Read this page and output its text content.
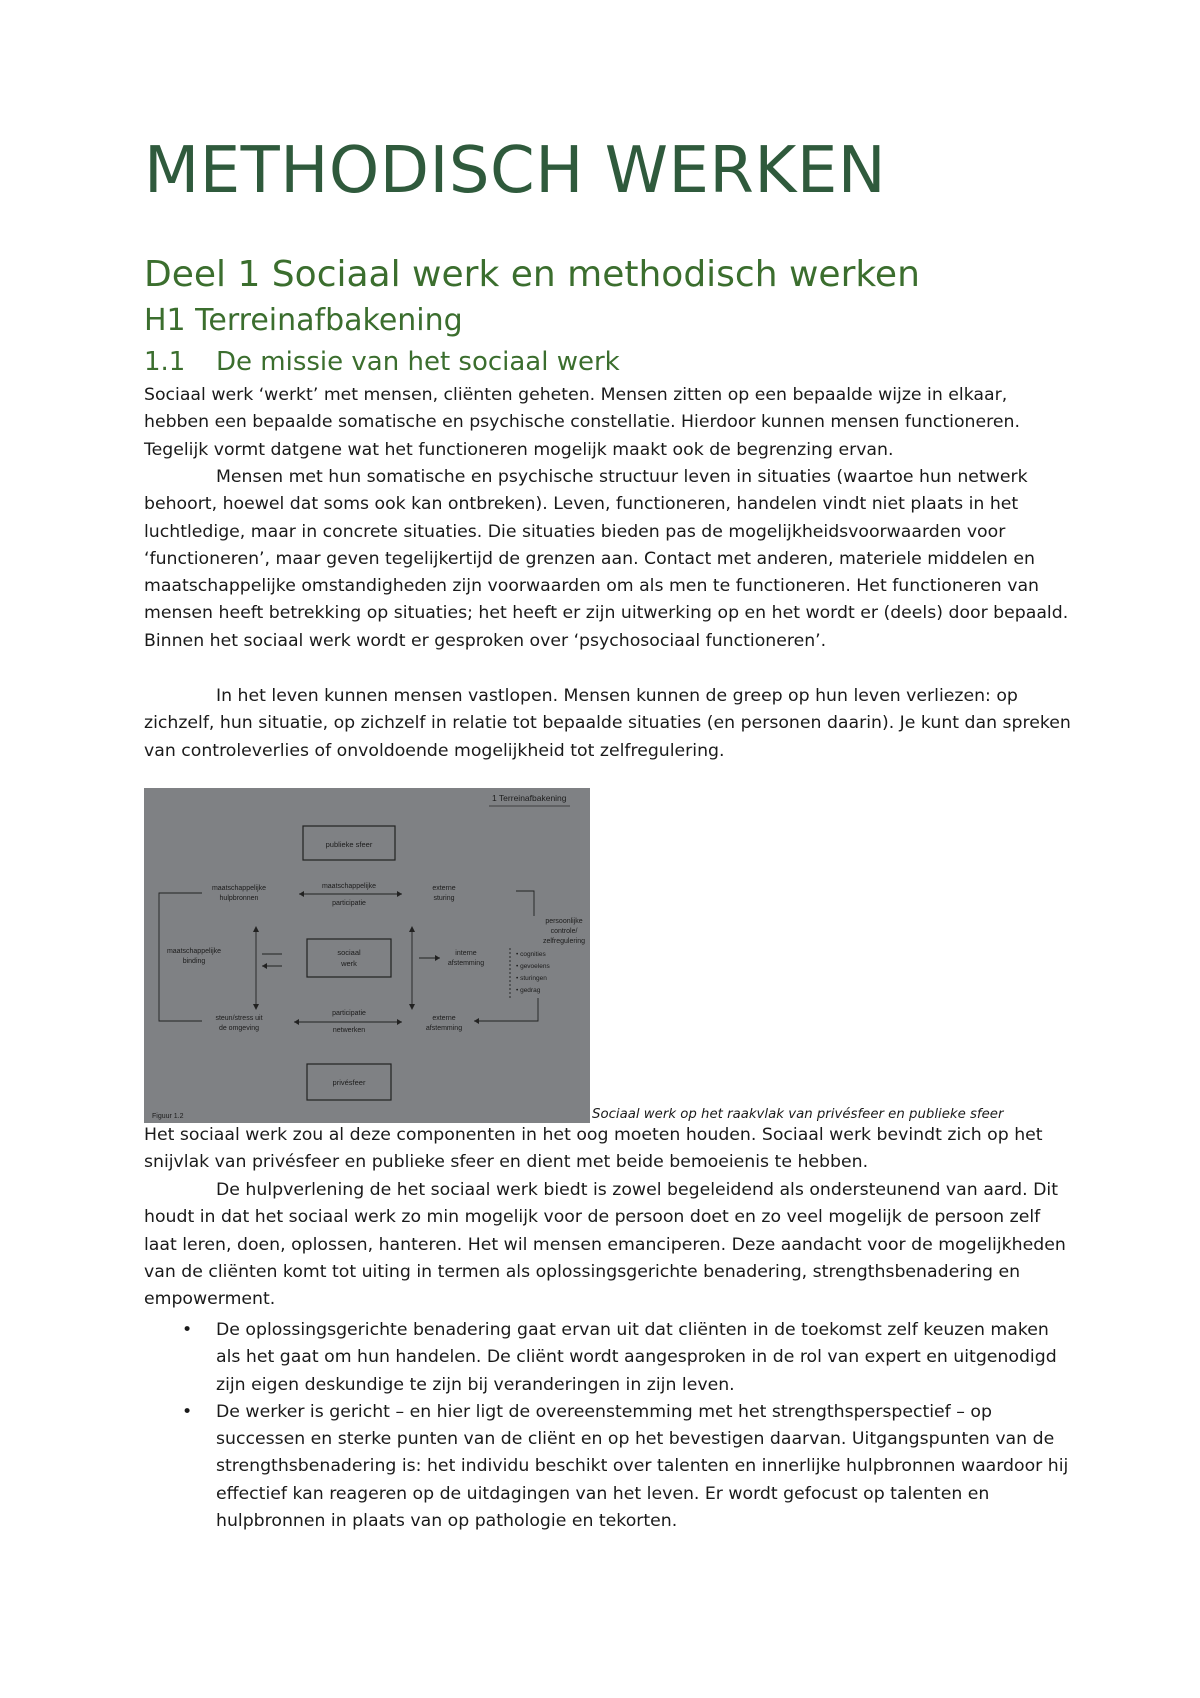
METHODISCH WERKEN
Deel 1 Sociaal werk en methodisch werken
H1 Terreinafbakening
1.1 De missie van het sociaal werk

Sociaal werk ‘werkt’ met mensen, cliënten geheten. Mensen zitten op een bepaalde wijze in elkaar, hebben een bepaalde somatische en psychische constellatie. Hierdoor kunnen mensen functioneren. Tegelijk vormt datgene wat het functioneren mogelijk maakt ook de begrenzing ervan.

Mensen met hun somatische en psychische structuur leven in situaties (waartoe hun netwerk behoort, hoewel dat soms ook kan ontbreken). Leven, functioneren, handelen vindt niet plaats in het luchtledige, maar in concrete situaties. Die situaties bieden pas de mogelijkheidsvoorwaarden voor ‘functioneren’, maar geven tegelijkertijd de grenzen aan. Contact met anderen, materiele middelen en maatschappelijke omstandigheden zijn voorwaarden om als men te functioneren. Het functioneren van mensen heeft betrekking op situaties; het heeft er zijn uitwerking op en het wordt er (deels) door bepaald. Binnen het sociaal werk wordt er gesproken over ‘psychosociaal functioneren’.

In het leven kunnen mensen vastlopen. Mensen kunnen de greep op hun leven verliezen: op zichzelf, hun situatie, op zichzelf in relatie tot bepaalde situaties (en personen daarin). Je kunt dan spreken van controleverlies of onvoldoende mogelijkheid tot zelfregulering.

1 Terreinafbakening
publieke sfeer
maatschappelijke
hulpbronnen
maatschappelijke
participatie
externe
sturing
persoonlijke
controle/
zelfregulering
• cognities
• gevoelens
• sturingen
• gedrag
maatschappelijke
binding
sociaal
werk
interne
afstemming
steun/stress uit
de omgeving
participatie
netwerken
externe
afstemming
privésfeer
Figuur 1.2	Sociaal werk op het raakvlak van privésfeer en publieke sfeer

Het sociaal werk zou al deze componenten in het oog moeten houden. Sociaal werk bevindt zich op het snijvlak van privésfeer en publieke sfeer en dient met beide bemoeienis te hebben.

De hulpverlening de het sociaal werk biedt is zowel begeleidend als ondersteunend van aard. Dit houdt in dat het sociaal werk zo min mogelijk voor de persoon doet en zo veel mogelijk de persoon zelf laat leren, doen, oplossen, hanteren. Het wil mensen emanciperen. Deze aandacht voor de mogelijkheden van de cliënten komt tot uiting in termen als oplossingsgerichte benadering, strengthsbenadering en empowerment.

•	De oplossingsgerichte benadering gaat ervan uit dat cliënten in de toekomst zelf keuzen maken als het gaat om hun handelen. De cliënt wordt aangesproken in de rol van expert en uitgenodigd zijn eigen deskundige te zijn bij veranderingen in zijn leven.
•	De werker is gericht – en hier ligt de overeenstemming met het strengthsperspectief – op successen en sterke punten van de cliënt en op het bevestigen daarvan. Uitgangspunten van de strengthsbenadering is: het individu beschikt over talenten en innerlijke hulpbronnen waardoor hij effectief kan reageren op de uitdagingen van het leven. Er wordt gefocust op talenten en hulpbronnen in plaats van op pathologie en tekorten.
